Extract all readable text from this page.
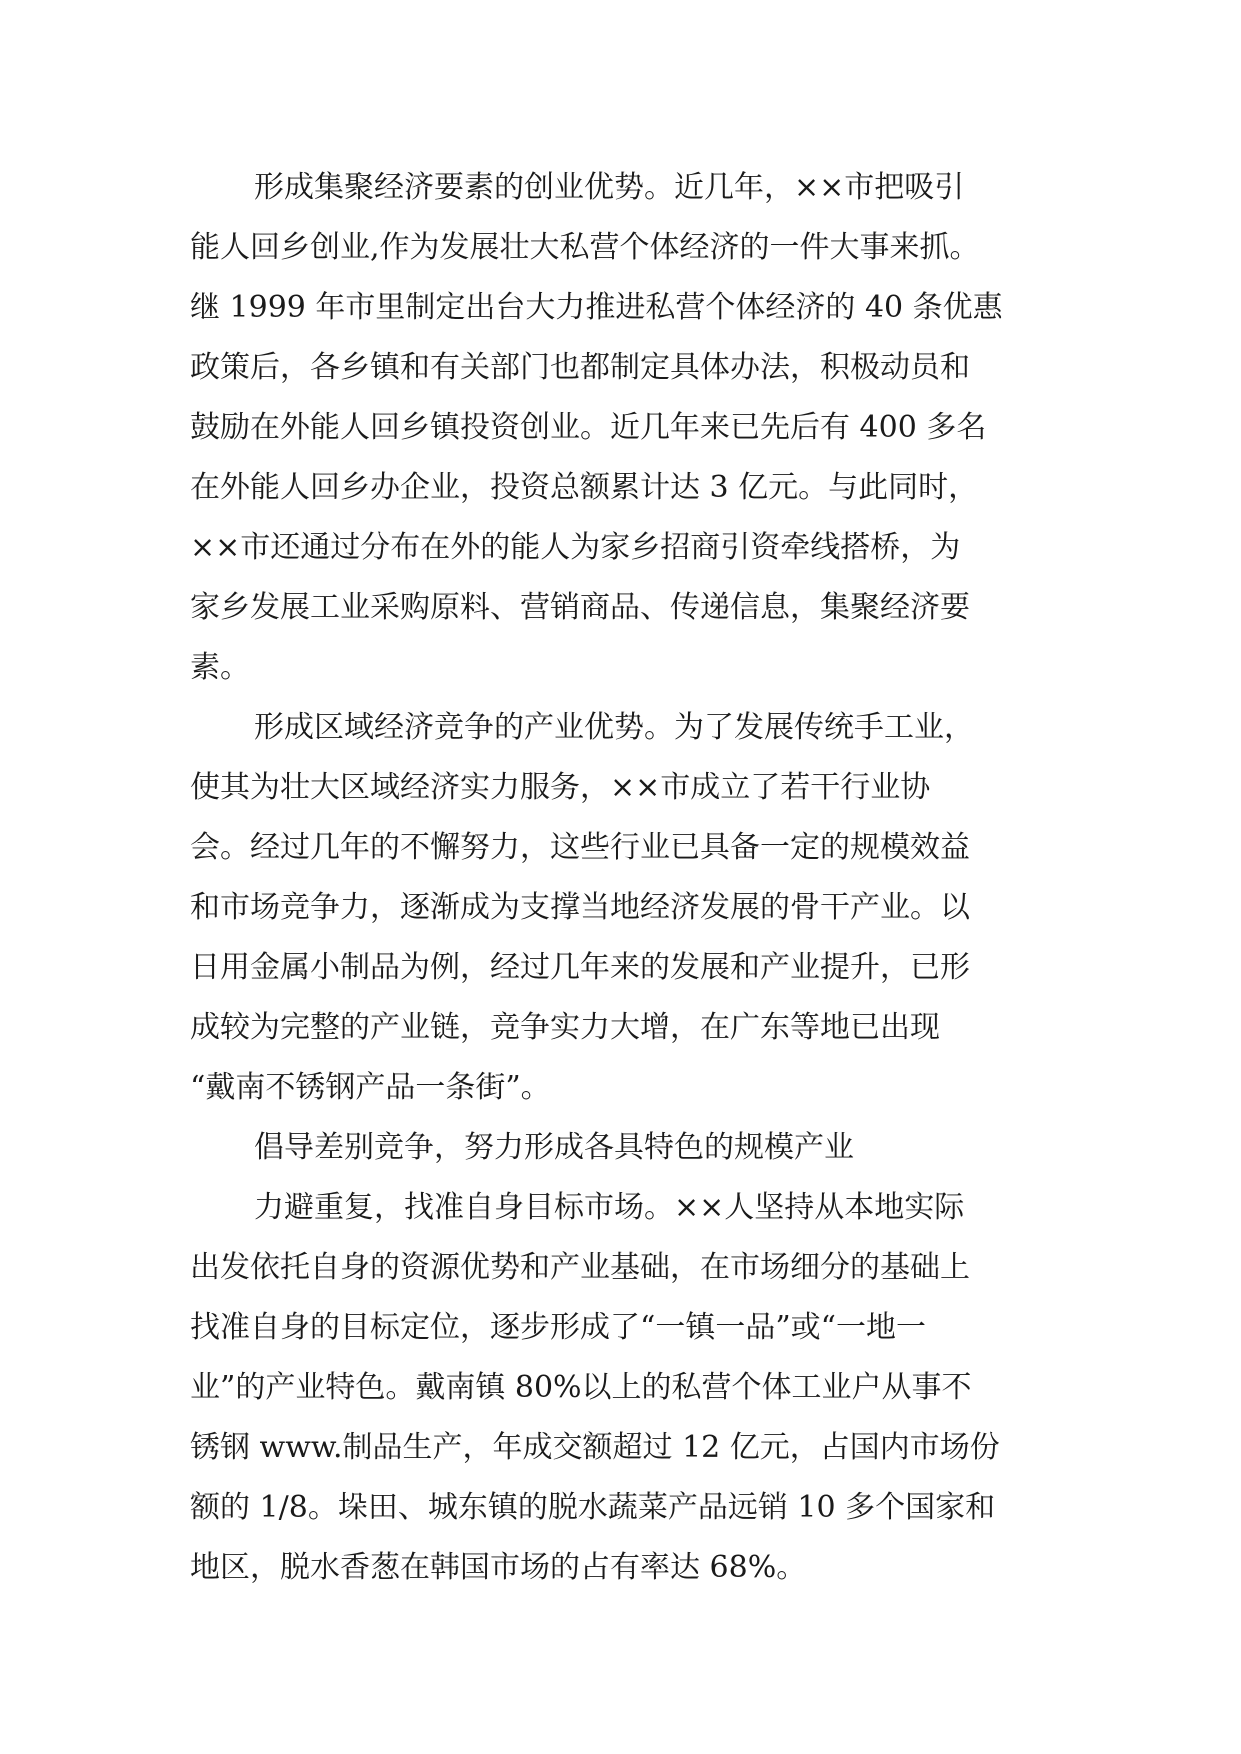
形成集聚经济要素的创业优势。近几年，××市把吸引
能人回乡创业,作为发展壮大私营个体经济的一件大事来抓。
继 1999 年市里制定出台大力推进私营个体经济的 40 条优惠
政策后，各乡镇和有关部门也都制定具体办法，积极动员和
鼓励在外能人回乡镇投资创业。近几年来已先后有 400 多名
在外能人回乡办企业，投资总额累计达 3 亿元。与此同时，
××市还通过分布在外的能人为家乡招商引资牵线搭桥，为
家乡发展工业采购原料、营销商品、传递信息，集聚经济要
素。
形成区域经济竞争的产业优势。为了发展传统手工业，
使其为壮大区域经济实力服务，××市成立了若干行业协
会。经过几年的不懈努力，这些行业已具备一定的规模效益
和市场竞争力，逐渐成为支撑当地经济发展的骨干产业。以
日用金属小制品为例，经过几年来的发展和产业提升，已形
成较为完整的产业链，竞争实力大增，在广东等地已出现
“戴南不锈钢产品一条街”。
倡导差别竞争，努力形成各具特色的规模产业
力避重复，找准自身目标市场。××人坚持从本地实际
出发依托自身的资源优势和产业基础，在市场细分的基础上
找准自身的目标定位，逐步形成了“一镇一品”或“一地一
业”的产业特色。戴南镇 80%以上的私营个体工业户从事不
锈钢 www.制品生产，年成交额超过 12 亿元，占国内市场份
额的 1/8。垛田、城东镇的脱水蔬菜产品远销 10 多个国家和
地区，脱水香葱在韩国市场的占有率达 68%。
